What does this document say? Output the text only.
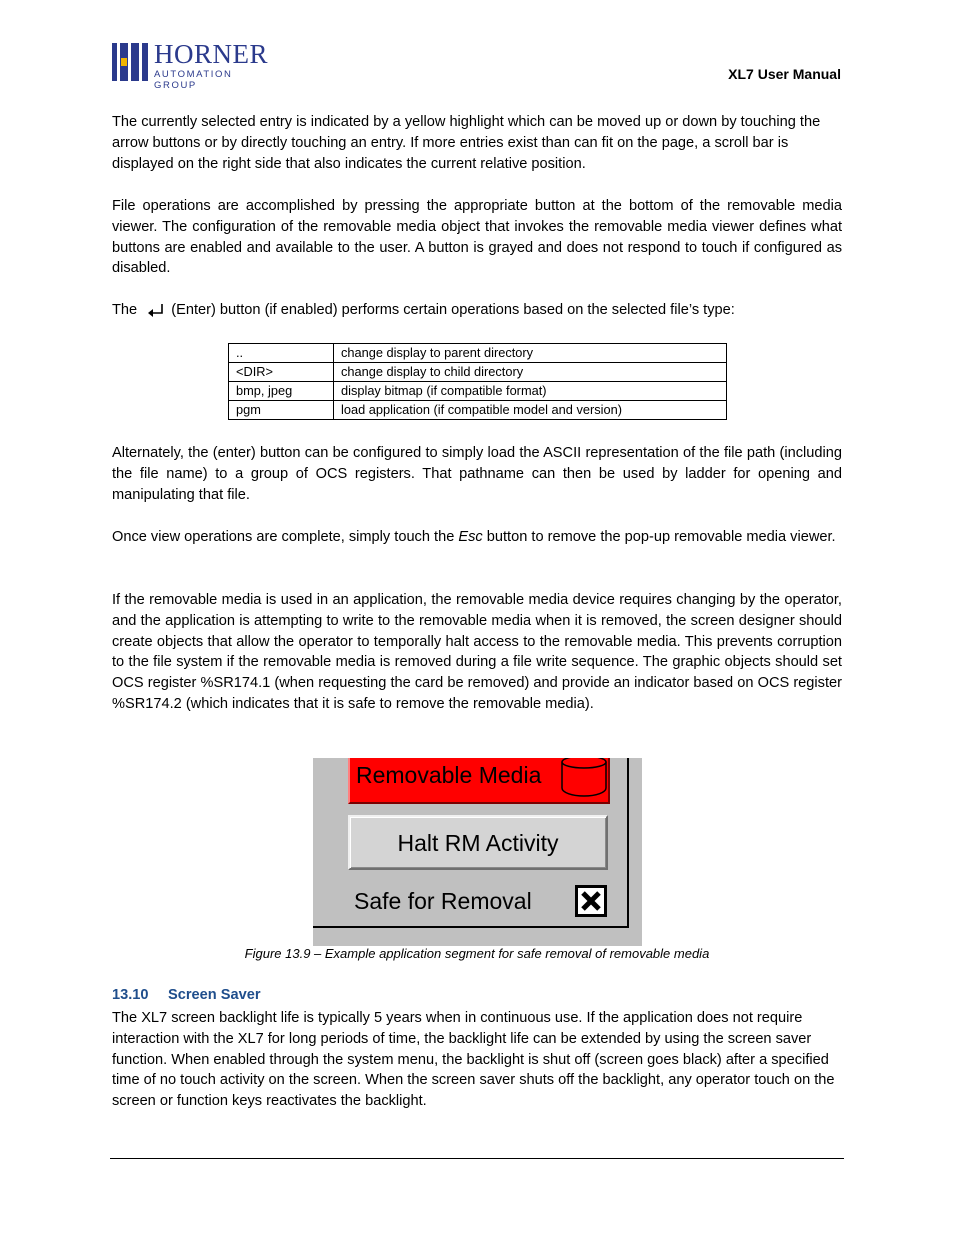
HORNER
AUTOMATION GROUP
XL7 User Manual
The currently selected entry is indicated by a yellow highlight which can be moved up or down by touching the arrow buttons or by directly touching an entry. If more entries exist than can fit on the page, a scroll bar is displayed on the right side that also indicates the current relative position.
File operations are accomplished by pressing the appropriate button at the bottom of the removable media viewer. The configuration of the removable media object that invokes the removable media viewer defines what buttons are enabled and available to the user. A button is grayed and does not respond to touch if configured as disabled.
The (Enter) button (if enabled) performs certain operations based on the selected file’s type:
..	change display to parent directory
<DIR>	change display to child directory
bmp, jpeg	display bitmap (if compatible format)
pgm	load application (if compatible model and version)
Alternately, the (enter) button can be configured to simply load the ASCII representation of the file path (including the file name) to a group of OCS registers. That pathname can then be used by ladder for opening and manipulating that file.
Once view operations are complete, simply touch the Esc button to remove the pop-up removable media viewer.
If the removable media is used in an application, the removable media device requires changing by the operator, and the application is attempting to write to the removable media when it is removed, the screen designer should create objects that allow the operator to temporally halt access to the removable media. This prevents corruption to the file system if the removable media is removed during a file write sequence. The graphic objects should set OCS register %SR174.1 (when requesting the card be removed) and provide an indicator based on OCS register %SR174.2 (which indicates that it is safe to remove the removable media).
Removable Media
Halt RM Activity
Safe for Removal
Figure 13.9 – Example application segment for safe removal of removable media
13.10 Screen Saver
The XL7 screen backlight life is typically 5 years when in continuous use. If the application does not require interaction with the XL7 for long periods of time, the backlight life can be extended by using the screen saver function. When enabled through the system menu, the backlight is shut off (screen goes black) after a specified time of no touch activity on the screen. When the screen saver shuts off the backlight, any operator touch on the screen or function keys reactivates the backlight.
